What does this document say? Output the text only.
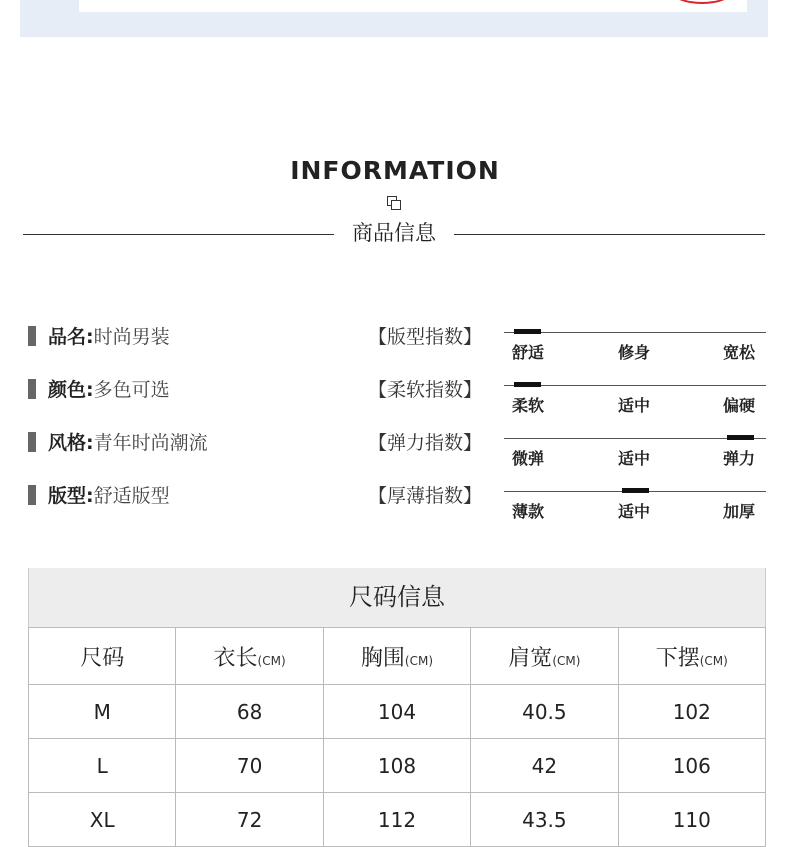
INFORMATION
商品信息
品名:时尚男装
颜色:多色可选
风格:青年时尚潮流
版型:舒适版型
【版型指数】
舒适	修身	宽松
【柔软指数】
柔软	适中	偏硬
【弹力指数】
微弹	适中	弹力
【厚薄指数】
薄款	适中	加厚
尺码信息
尺码	衣长(CM)	胸围(CM)	肩宽(CM)	下摆(CM)
M	68	104	40.5	102
L	70	108	42	106
XL	72	112	43.5	110
